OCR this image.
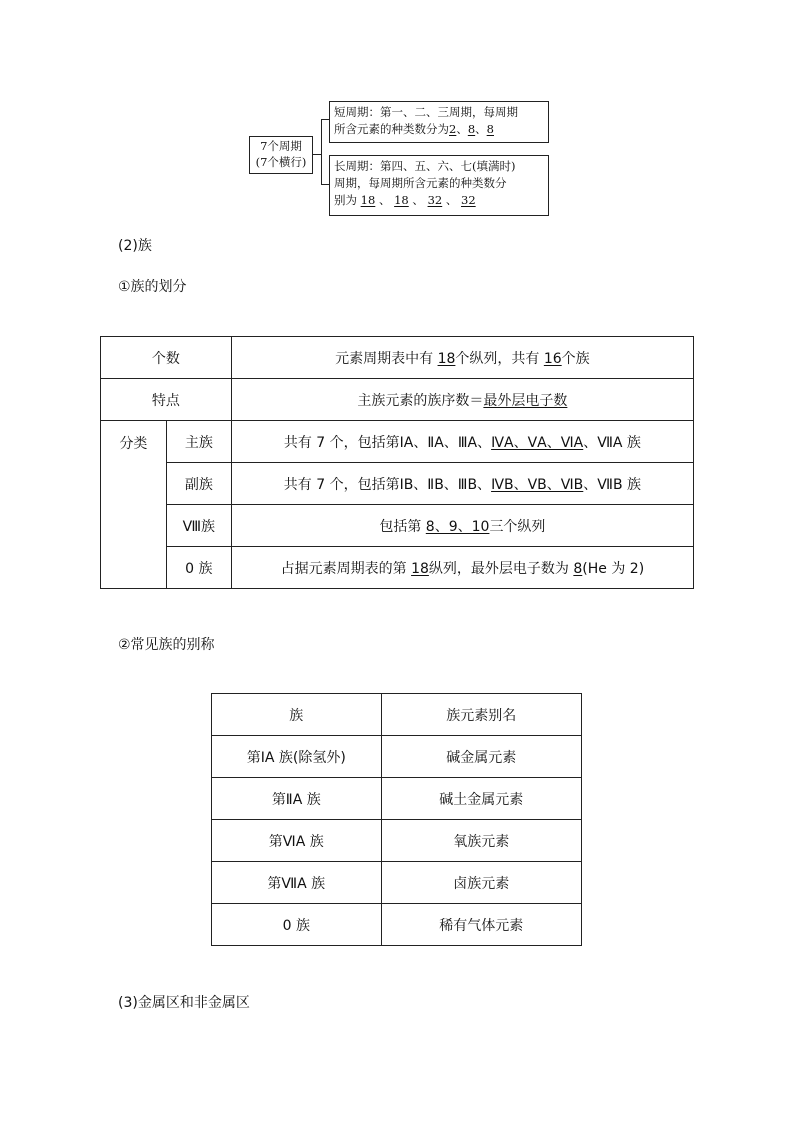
7个周期
(7个横行)
短周期：第一、二、三周期，每周期
所含元素的种类数分为2、8、8
长周期：第四、五、六、七(填满时)
周期，每周期所含元素的种类数分
别为 18 、 18 、 32 、 32
(2)族
①族的划分
个数		元素周期表中有 18个纵列，共有 16个族
特点		主族元素的族序数＝最外层电子数
分类	主族	共有 7 个，包括第ⅠA、ⅡA、ⅢA、ⅣA、ⅤA、ⅥA、ⅦA 族
	副族	共有 7 个，包括第ⅠB、ⅡB、ⅢB、ⅣB、ⅤB、ⅥB、ⅦB 族
	Ⅷ族	包括第 8、9、10三个纵列
	0 族	占据元素周期表的第 18纵列，最外层电子数为 8(He 为 2)
②常见族的别称
族	族元素别名
第ⅠA 族(除氢外)	碱金属元素
第ⅡA 族	碱土金属元素
第ⅥA 族	氧族元素
第ⅦA 族	卤族元素
0 族	稀有气体元素
(3)金属区和非金属区
